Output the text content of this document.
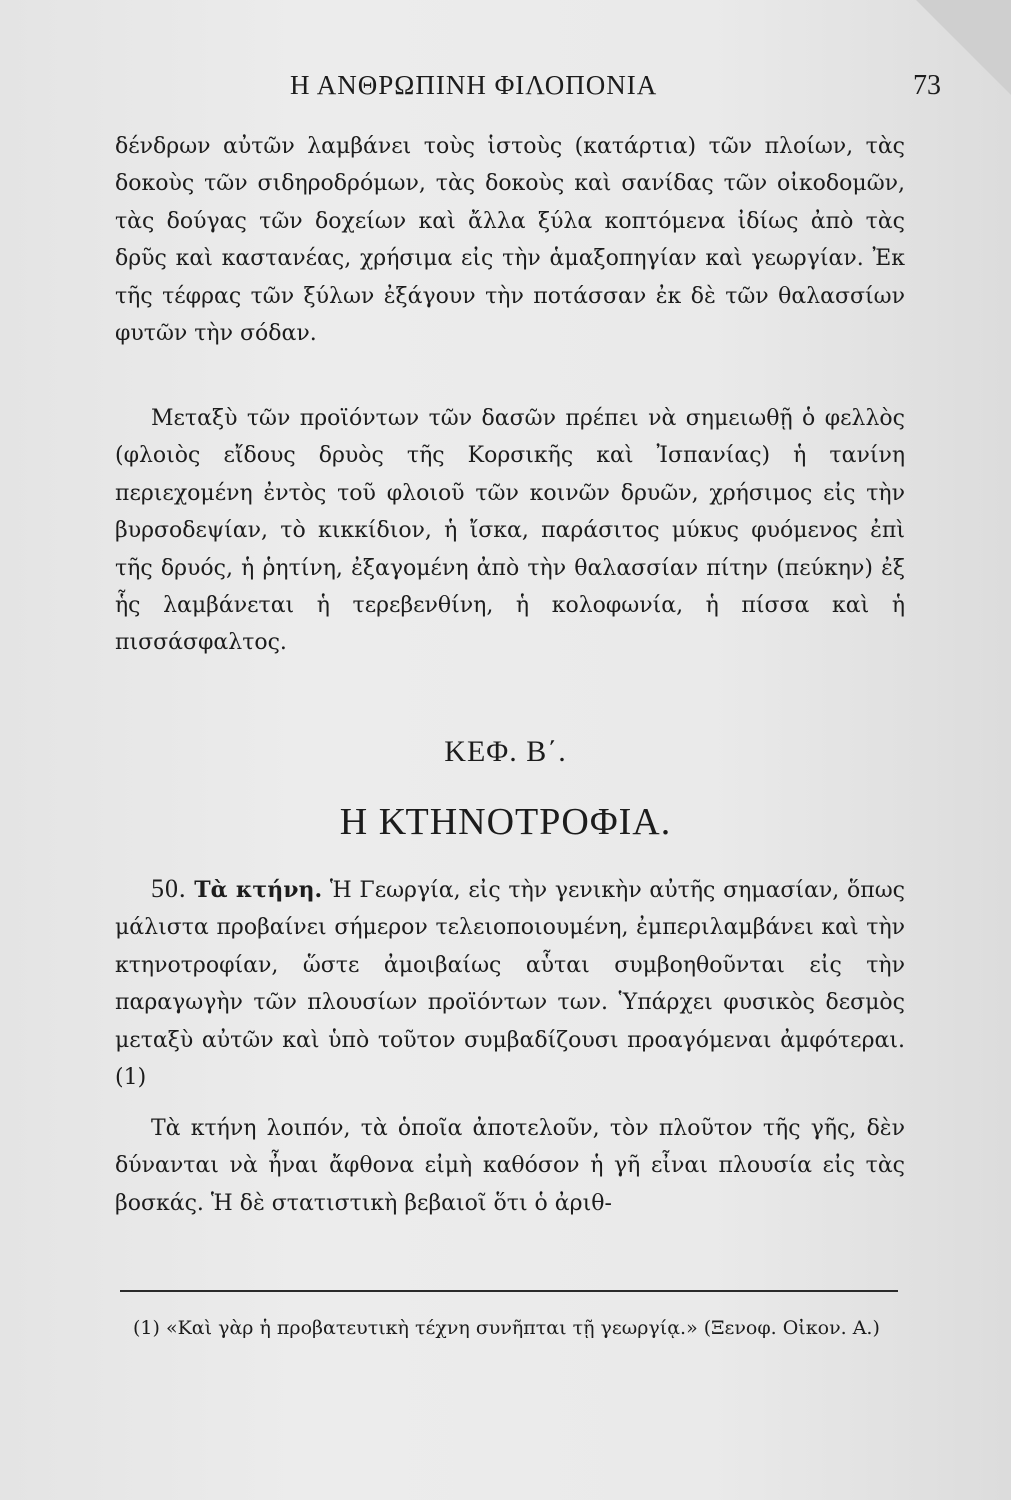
Η ΑΝΘΡΩΠΙΝΗ ΦΙΛΟΠΟΝΙΑ	73
δένδρων αὐτῶν λαμβάνει τοὺς ἱστοὺς (κατάρτια) τῶν πλοίων, τὰς δοκοὺς τῶν σιδηροδρόμων, τὰς δοκοὺς καὶ σανίδας τῶν οἰκοδομῶν, τὰς δούγας τῶν δοχείων καὶ ἄλλα ξύλα κοπτόμενα ἰδίως ἀπὸ τὰς δρῦς καὶ καστανέας, χρήσιμα εἰς τὴν ἁμαξοπηγίαν καὶ γεωργίαν. Ἐκ τῆς τέφρας τῶν ξύλων ἐξάγουν τὴν ποτάσσαν ἐκ δὲ τῶν θαλασσίων φυτῶν τὴν σόδαν.
Μεταξὺ τῶν προϊόντων τῶν δασῶν πρέπει νὰ σημειωθῇ ὁ φελλὸς (φλοιὸς εἴδους δρυὸς τῆς Κορσικῆς καὶ Ἰσπανίας) ἡ τανίνη περιεχομένη ἐντὸς τοῦ φλοιοῦ τῶν κοινῶν δρυῶν, χρήσιμος εἰς τὴν βυρσοδεψίαν, τὸ κικκίδιον, ἡ ἴσκα, παράσιτος μύκυς φυόμενος ἐπὶ τῆς δρυός, ἡ ῥητίνη, ἐξαγομένη ἀπὸ τὴν θαλασσίαν πίτην (πεύκην) ἐξ ἧς λαμβάνεται ἡ τερεβενθίνη, ἡ κολοφωνία, ἡ πίσσα καὶ ἡ πισσάσφαλτος.
ΚΕΦ. Β΄.
Η ΚΤΗΝΟΤΡΟΦΙΑ.
50. Τὰ κτήνη. Ἡ Γεωργία, εἰς τὴν γενικὴν αὐτῆς σημασίαν, ὅπως μάλιστα προβαίνει σήμερον τελειοποιουμένη, ἐμπεριλαμβάνει καὶ τὴν κτηνοτροφίαν, ὥστε ἀμοιβαίως αὗται συμβοηθοῦνται εἰς τὴν παραγωγὴν τῶν πλουσίων προϊόντων των. Ὑπάρχει φυσικὸς δεσμὸς μεταξὺ αὐτῶν καὶ ὑπὸ τοῦτον συμβαδίζουσι προαγόμεναι ἀμφότεραι. (1)
Τὰ κτήνη λοιπόν, τὰ ὁποῖα ἀποτελοῦν, τὸν πλοῦτον τῆς γῆς, δὲν δύνανται νὰ ἦναι ἄφθονα εἰμὴ καθόσον ἡ γῆ εἶναι πλουσία εἰς τὰς βοσκάς. Ἡ δὲ στατιστικὴ βεβαιοῖ ὅτι ὁ ἀριθ-
(1) «Καὶ γὰρ ἡ προβατευτικὴ τέχνη συνῆπται τῇ γεωργίᾳ.» (Ξενοφ. Οἰκον. Α.)
